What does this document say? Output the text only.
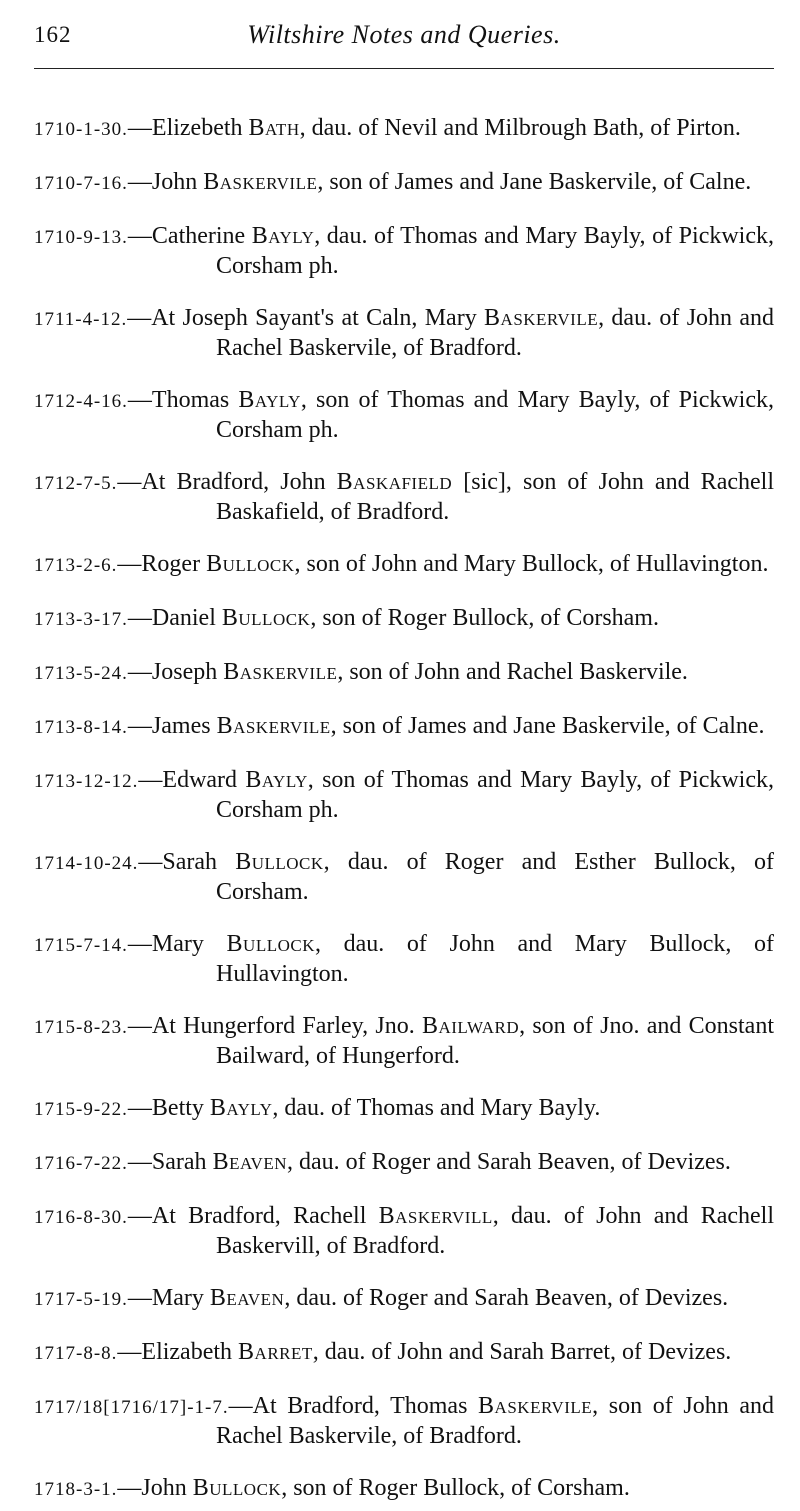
162	Wiltshire Notes and Queries.

1710-1-30.—Elizebeth Bath, dau. of Nevil and Milbrough Bath, of Pirton.

1710-7-16.—John Baskervile, son of James and Jane Baskervile, of Calne.

1710-9-13.—Catherine Bayly, dau. of Thomas and Mary Bayly, of Pickwick, Corsham ph.

1711-4-12.—At Joseph Sayant's at Caln, Mary Baskervile, dau. of John and Rachel Baskervile, of Bradford.

1712-4-16.—Thomas Bayly, son of Thomas and Mary Bayly, of Pickwick, Corsham ph.

1712-7-5.—At Bradford, John Baskafield [sic], son of John and Rachell Baskafield, of Bradford.

1713-2-6.—Roger Bullock, son of John and Mary Bullock, of Hullavington.

1713-3-17.—Daniel Bullock, son of Roger Bullock, of Corsham.

1713-5-24.—Joseph Baskervile, son of John and Rachel Baskervile.

1713-8-14.—James Baskervile, son of James and Jane Baskervile, of Calne.

1713-12-12.—Edward Bayly, son of Thomas and Mary Bayly, of Pickwick, Corsham ph.

1714-10-24.—Sarah Bullock, dau. of Roger and Esther Bullock, of Corsham.

1715-7-14.—Mary Bullock, dau. of John and Mary Bullock, of Hullavington.

1715-8-23.—At Hungerford Farley, Jno. Bailward, son of Jno. and Constant Bailward, of Hungerford.

1715-9-22.—Betty Bayly, dau. of Thomas and Mary Bayly.

1716-7-22.—Sarah Beaven, dau. of Roger and Sarah Beaven, of Devizes.

1716-8-30.—At Bradford, Rachell Baskervill, dau. of John and Rachell Baskervill, of Bradford.

1717-5-19.—Mary Beaven, dau. of Roger and Sarah Beaven, of Devizes.

1717-8-8.—Elizabeth Barret, dau. of John and Sarah Barret, of Devizes.

1717/18[1716/17]-1-7.—At Bradford, Thomas Baskervile, son of John and Rachel Baskervile, of Bradford.

1718-3-1.—John Bullock, son of Roger Bullock, of Corsham.
